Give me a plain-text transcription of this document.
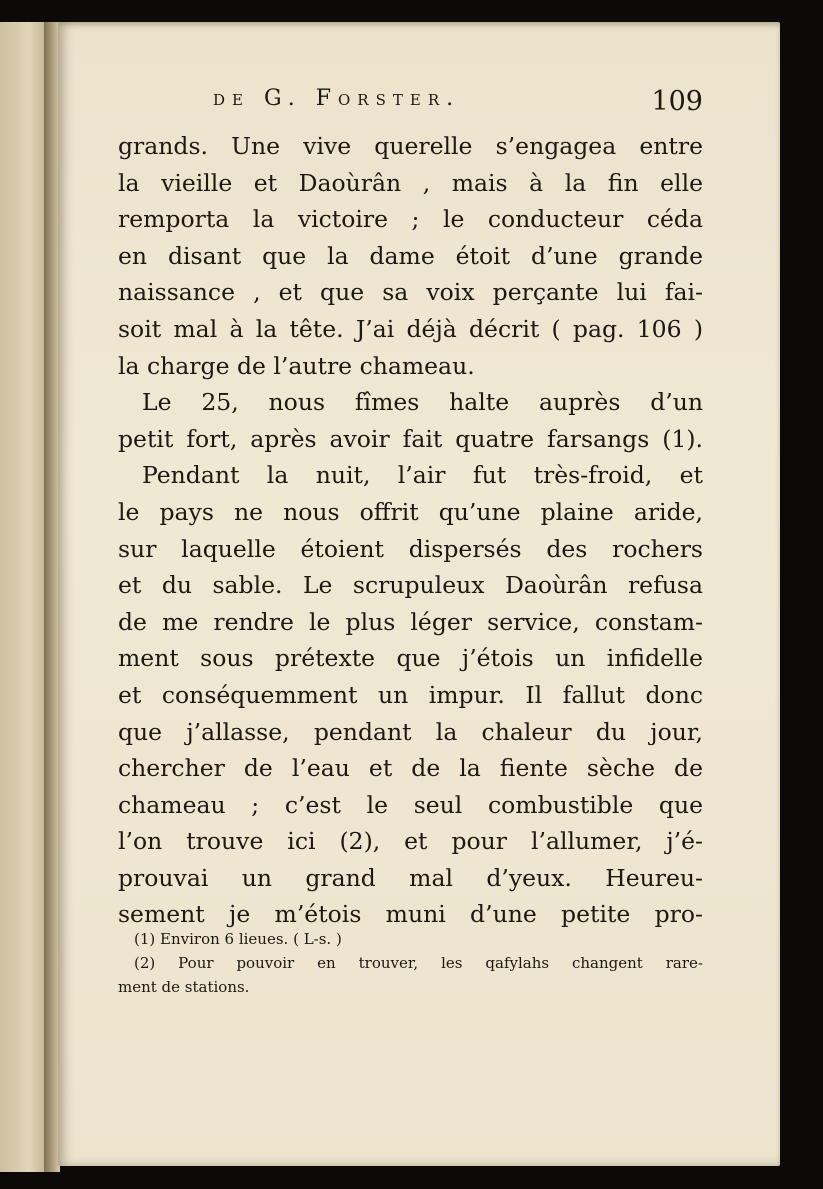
de G. Forster.	109
grands. Une vive querelle s’engagea entre
la vieille et Daoùrân , mais à la fin elle
remporta la victoire ; le conducteur céda
en disant que la dame étoit d’une grande
naissance , et que sa voix perçante lui fai-
soit mal à la tête. J’ai déjà décrit ( pag. 106 )
la charge de l’autre chameau.
Le 25, nous fîmes halte auprès d’un
petit fort, après avoir fait quatre farsangs (1).
Pendant la nuit, l’air fut très-froid, et
le pays ne nous offrit qu’une plaine aride,
sur laquelle étoient dispersés des rochers
et du sable. Le scrupuleux Daoùrân refusa
de me rendre le plus léger service, constam-
ment sous prétexte que j’étois un infidelle
et conséquemment un impur. Il fallut donc
que j’allasse, pendant la chaleur du jour,
chercher de l’eau et de la fiente sèche de
chameau ; c’est le seul combustible que
l’on trouve ici (2), et pour l’allumer, j’é-
prouvai un grand mal d’yeux. Heureu-
sement je m’étois muni d’une petite pro-
(1) Environ 6 lieues. ( L-s. )
(2) Pour pouvoir en trouver, les qafylahs changent rare-
ment de stations.
